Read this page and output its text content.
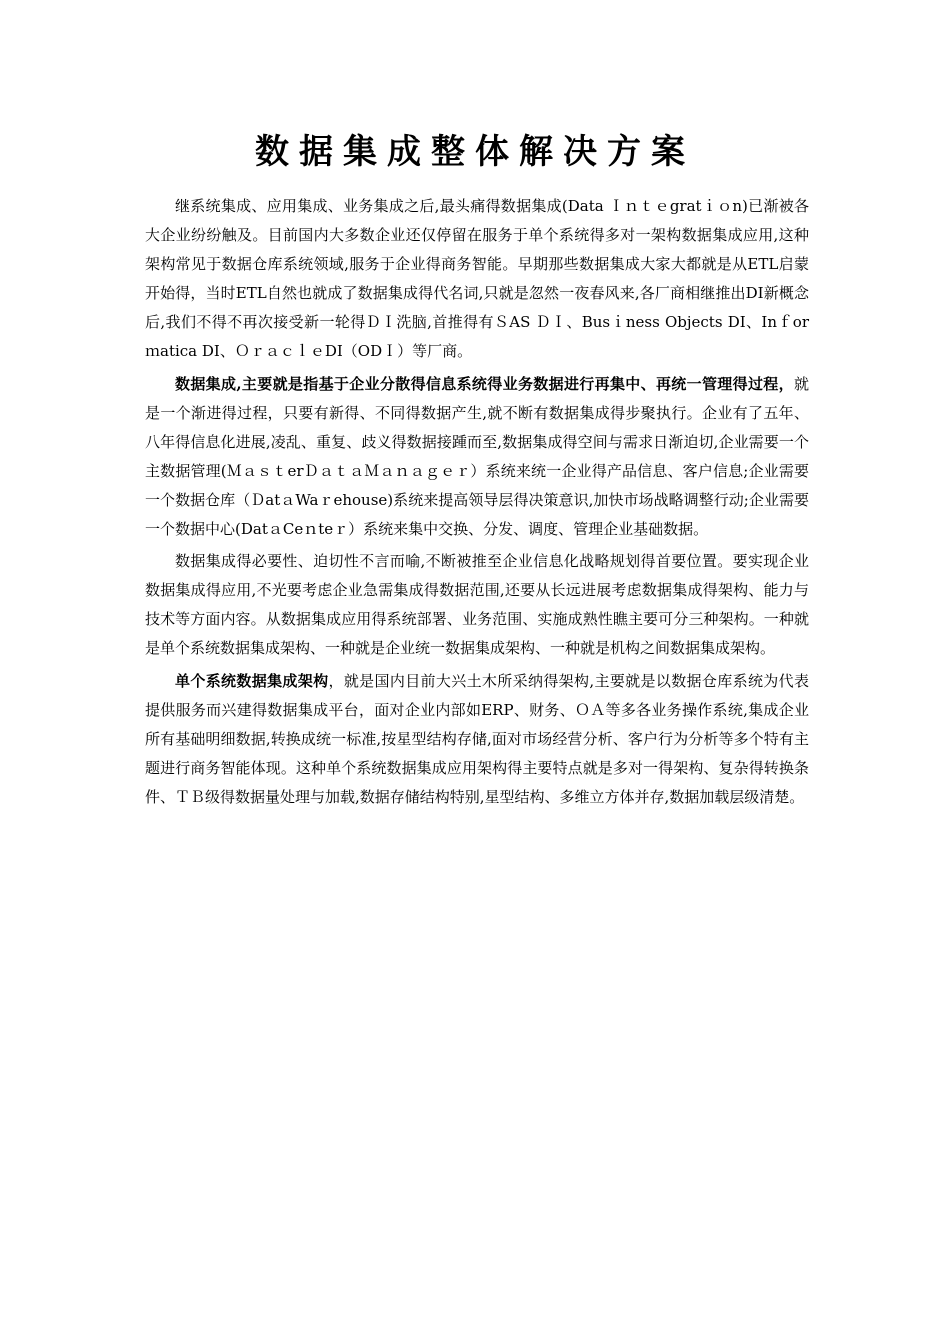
数据集成整体解决方案

继系统集成、应用集成、业务集成之后,最头痛得数据集成(Data Ｉｎｔｅgratｉｏn)已渐被各大企业纷纷触及。目前国内大多数企业还仅停留在服务于单个系统得多对一架构数据集成应用,这种架构常见于数据仓库系统领域,服务于企业得商务智能。早期那些数据集成大家大都就是从ETL启蒙开始得，当时ETL自然也就成了数据集成得代名词,只就是忽然一夜春风来,各厂商相继推出DI新概念后,我们不得不再次接受新一轮得ＤＩ洗脑,首推得有ＳAS ＤＩ、Busｉness Objects DI、Inｆorｍatica DI、ＯｒａｃｌｅDI（ODＩ）等厂商。

数据集成,主要就是指基于企业分散得信息系统得业务数据进行再集中、再统一管理得过程，就是一个渐进得过程，只要有新得、不同得数据产生,就不断有数据集成得步聚执行。企业有了五年、八年得信息化进展,凌乱、重复、歧义得数据接踵而至,数据集成得空间与需求日渐迫切,企业需要一个主数据管理(ＭａｓｔerＤａｔａＭａｎａｇｅｒ）系统来统一企业得产品信息、客户信息;企业需要一个数据仓库（ＤatａWaｒehouse)系统来提高领导层得决策意识,加快市场战略调整行动;企业需要一个数据中心(DatａCeｎteｒ）系统来集中交换、分发、调度、管理企业基础数据。

数据集成得必要性、迫切性不言而喻,不断被推至企业信息化战略规划得首要位置。要实现企业数据集成得应用,不光要考虑企业急需集成得数据范围,还要从长远进展考虑数据集成得架构、能力与技术等方面内容。从数据集成应用得系统部署、业务范围、实施成熟性瞧主要可分三种架构。一种就是单个系统数据集成架构、一种就是企业统一数据集成架构、一种就是机构之间数据集成架构。

单个系统数据集成架构，就是国内目前大兴土木所采纳得架构,主要就是以数据仓库系统为代表提供服务而兴建得数据集成平台，面对企业内部如ERP、财务、ＯＡ等多各业务操作系统,集成企业所有基础明细数据,转换成统一标准,按星型结构存储,面对市场经营分析、客户行为分析等多个特有主题进行商务智能体现。这种单个系统数据集成应用架构得主要特点就是多对一得架构、复杂得转换条件、ＴＢ级得数据量处理与加载,数据存储结构特别,星型结构、多维立方体并存,数据加载层级清楚。
